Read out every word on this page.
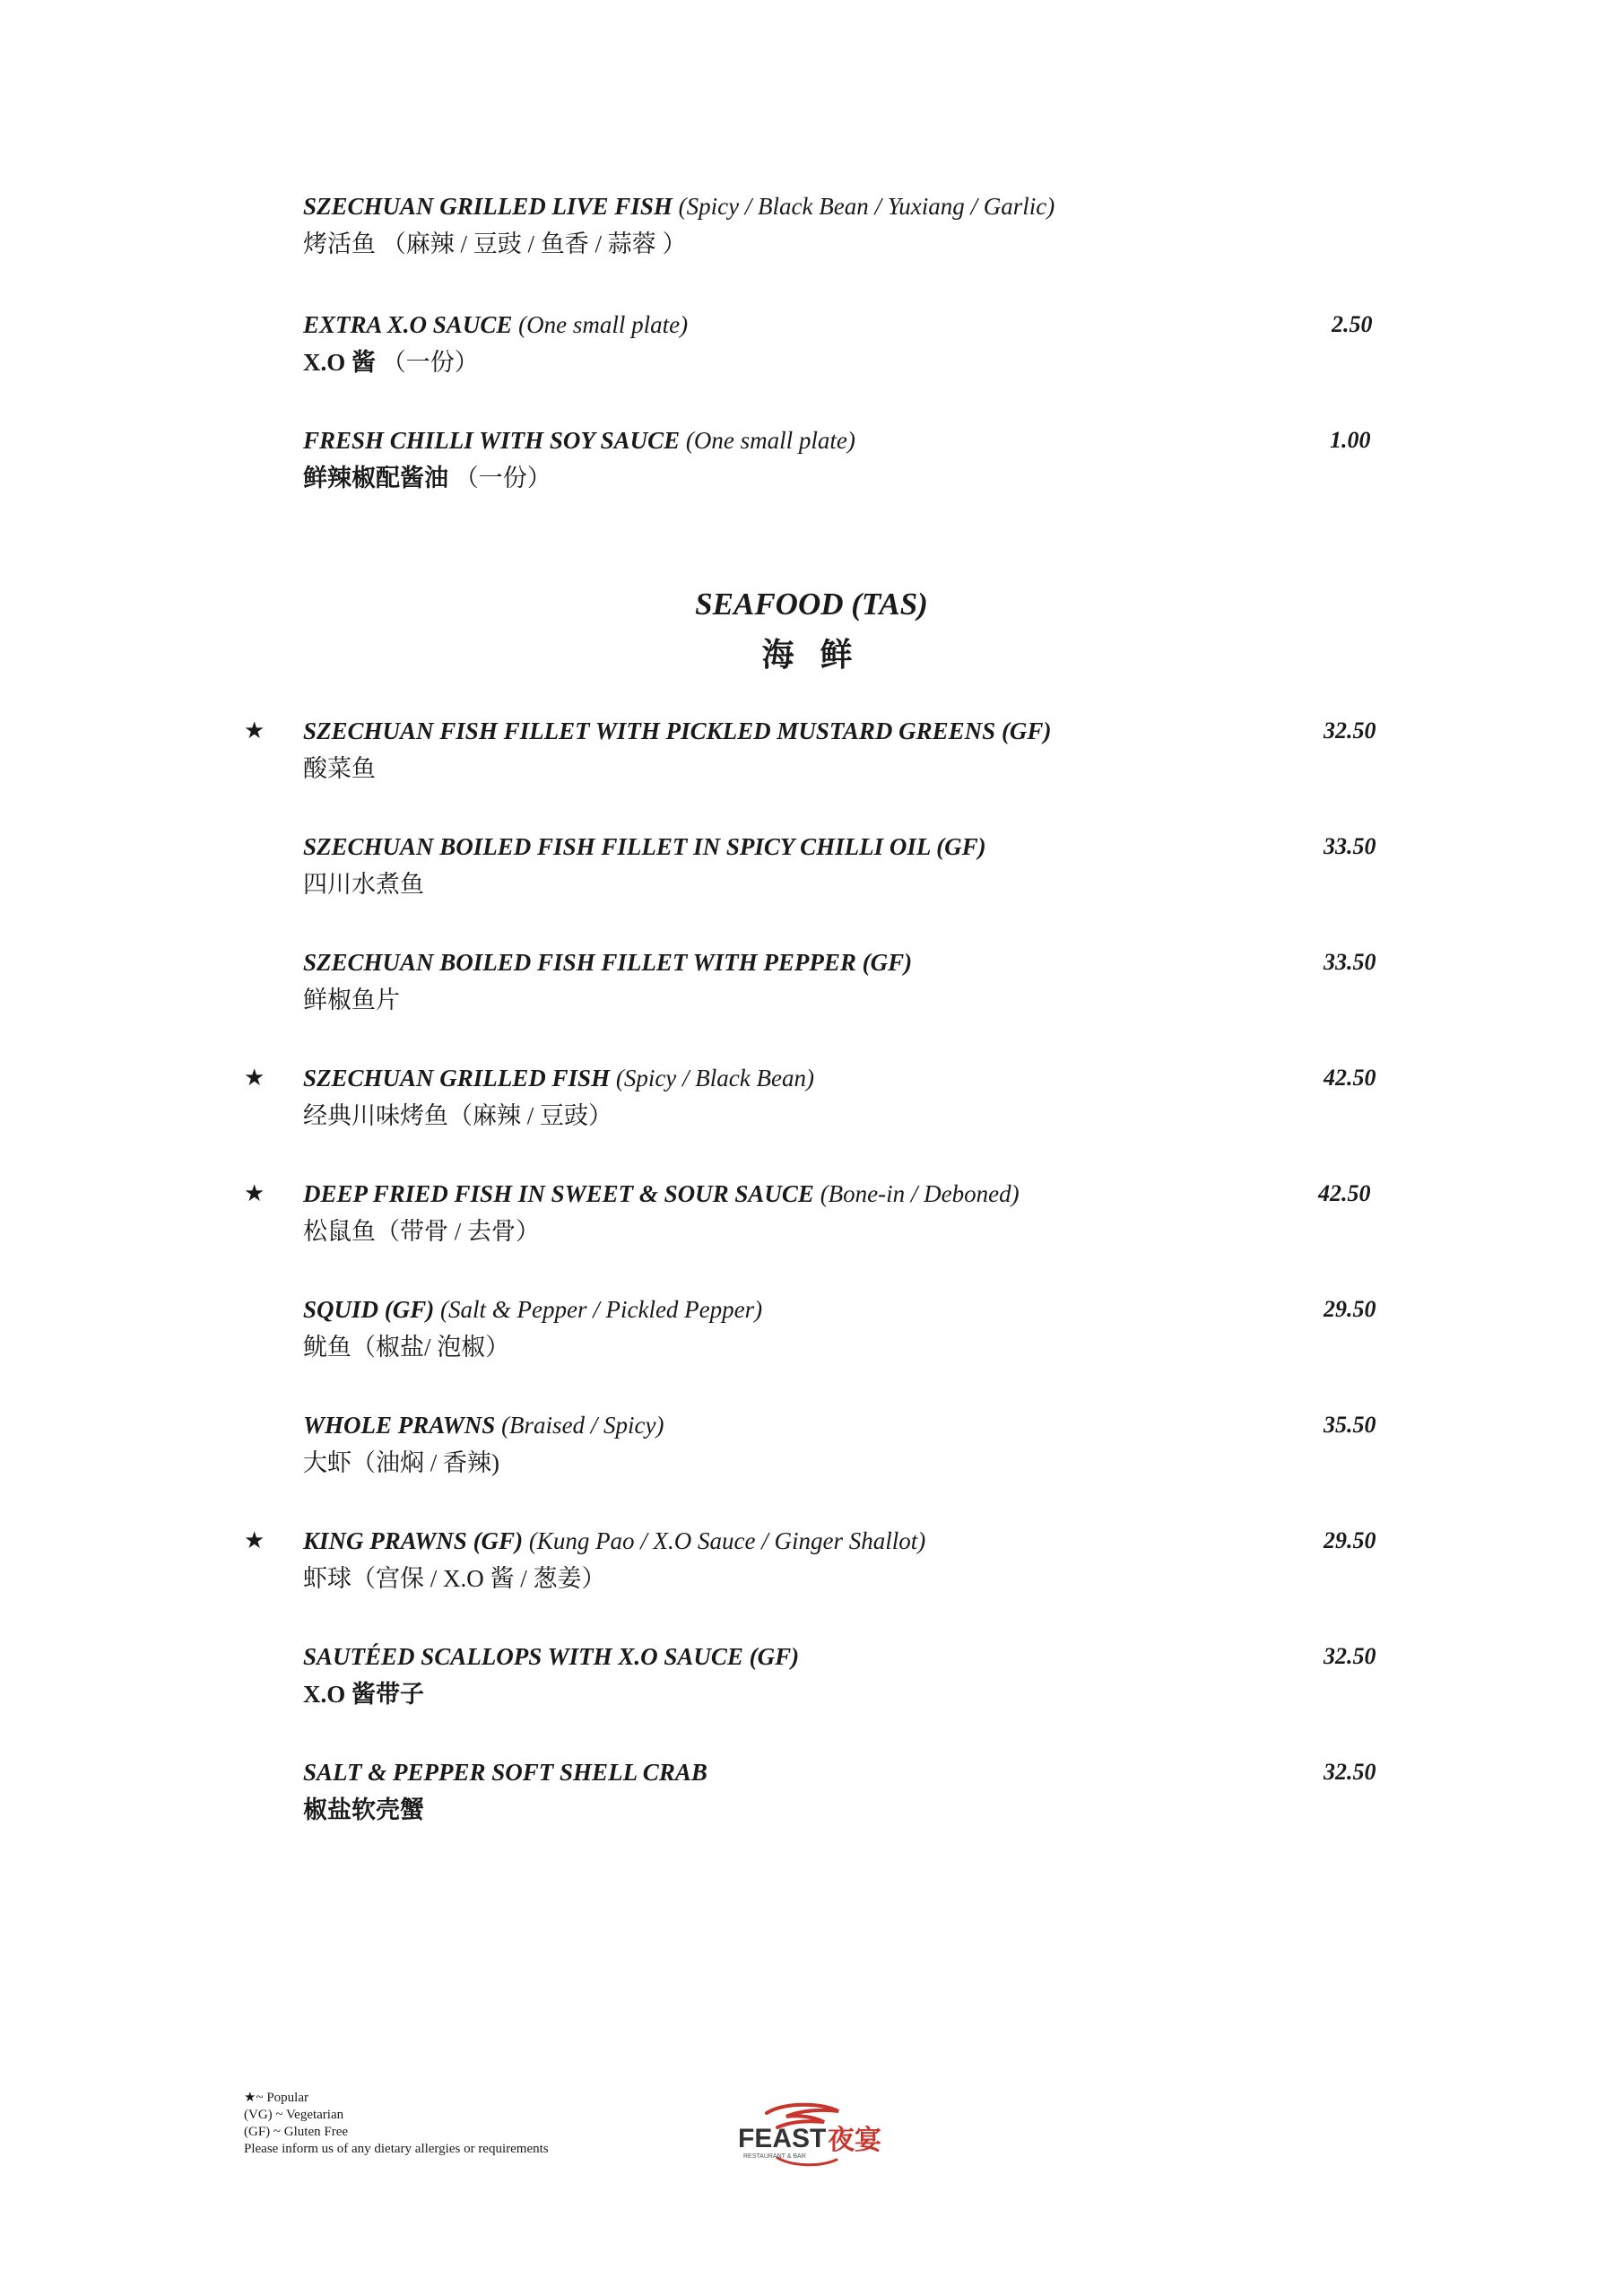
SZECHUAN GRILLED LIVE FISH (Spicy / Black Bean / Yuxiang / Garlic)
烤活鱼 （麻辣 / 豆豉 / 鱼香 / 蒜蓉 ）
EXTRA X.O SAUCE (One small plate)
X.O 酱 （一份）
2.50
FRESH CHILLI WITH SOY SAUCE (One small plate)
鲜辣椒配酱油 （一份）
1.00
SEAFOOD (TAS)
海 鲜
★ SZECHUAN FISH FILLET WITH PICKLED MUSTARD GREENS (GF)
酸菜鱼
32.50
SZECHUAN BOILED FISH FILLET IN SPICY CHILLI OIL (GF)
四川水煮鱼
33.50
SZECHUAN BOILED FISH FILLET WITH PEPPER (GF)
鲜椒鱼片
33.50
★ SZECHUAN GRILLED FISH (Spicy / Black Bean)
经典川味烤鱼（麻辣 / 豆豉）
42.50
★ DEEP FRIED FISH IN SWEET & SOUR SAUCE (Bone-in / Deboned)
松鼠鱼（带骨 / 去骨）
42.50
SQUID (GF) (Salt & Pepper / Pickled Pepper)
鱿鱼（椒盐/ 泡椒）
29.50
WHOLE PRAWNS (Braised / Spicy)
大虾（油焖 / 香辣)
35.50
★ KING PRAWNS (GF) (Kung Pao / X.O Sauce / Ginger Shallot)
虾球（宫保 / X.O 酱 / 葱姜）
29.50
SAUTÉED SCALLOPS WITH X.O SAUCE (GF)
X.O 酱带子
32.50
SALT & PEPPER SOFT SHELL CRAB
椒盐软壳蟹
32.50
★~ Popular
(VG) ~ Vegetarian
(GF) ~ Gluten Free
Please inform us of any dietary allergies or requirements	FEAST 夜宴
RESTAURANT & BAR
